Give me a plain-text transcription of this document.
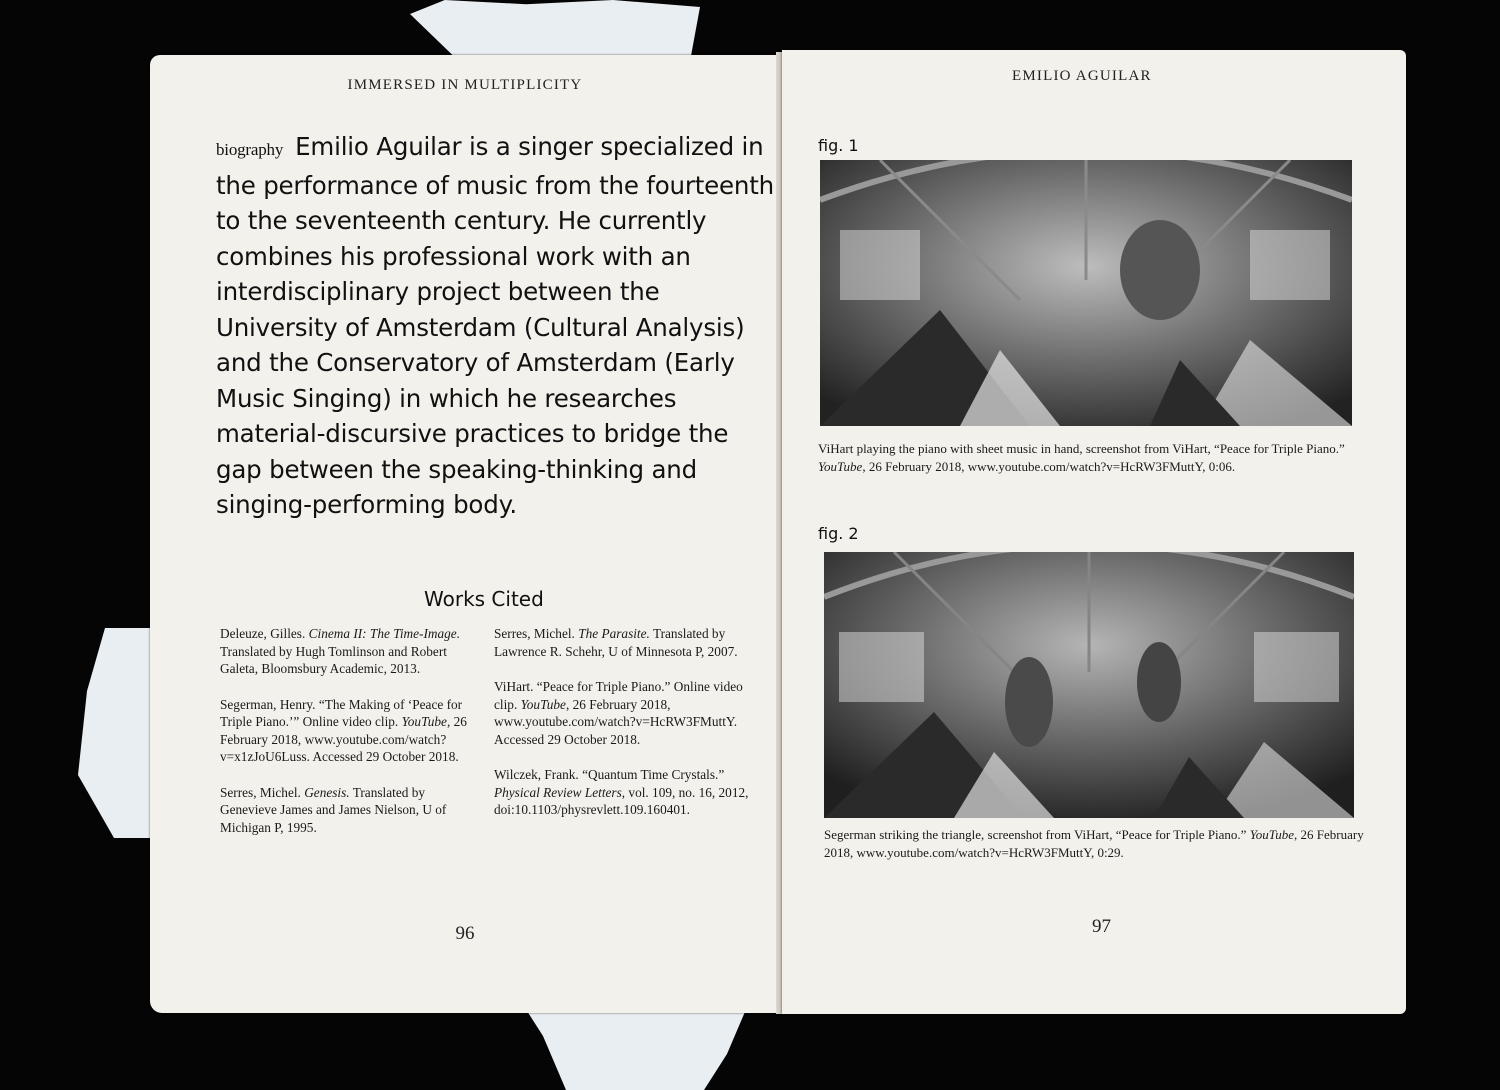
IMMERSED IN MULTIPLICITY
biography Emilio Aguilar is a singer specialized in the performance of music from the fourteenth to the seventeenth century. He currently combines his professional work with an interdisciplinary project between the University of Amsterdam (Cultural Analysis) and the Conservatory of Amsterdam (Early Music Singing) in which he researches material-discursive practices to bridge the gap between the speaking-thinking and singing-performing body.
Works Cited

Deleuze, Gilles. Cinema II: The Time-Image. Translated by Hugh Tomlinson and Robert Galeta, Bloomsbury Academic, 2013.

Segerman, Henry. “The Making of ‘Peace for Triple Piano.’” Online video clip. YouTube, 26 February 2018, www.youtube.com/watch?v=x1zJoU6Luss. Accessed 29 October 2018.

Serres, Michel. Genesis. Translated by Genevieve James and James Nielson, U of Michigan P, 1995.

Serres, Michel. The Parasite. Translated by Lawrence R. Schehr, U of Minnesota P, 2007.

ViHart. “Peace for Triple Piano.” Online video clip. YouTube, 26 February 2018, www.youtube.com/watch?v=HcRW3FMuttY. Accessed 29 October 2018.

Wilczek, Frank. “Quantum Time Crystals.” Physical Review Letters, vol. 109, no. 16, 2012, doi:10.1103/physrevlett.109.160401.

96
EMILIO AGUILAR
fig. 1
ViHart playing the piano with sheet music in hand, screenshot from ViHart, “Peace for Triple Piano.” YouTube, 26 February 2018, www.youtube.com/watch?v=HcRW3FMuttY, 0:06.
fig. 2
Segerman striking the triangle, screenshot from ViHart, “Peace for Triple Piano.” YouTube, 26 February 2018, www.youtube.com/watch?v=HcRW3FMuttY, 0:29.
97
